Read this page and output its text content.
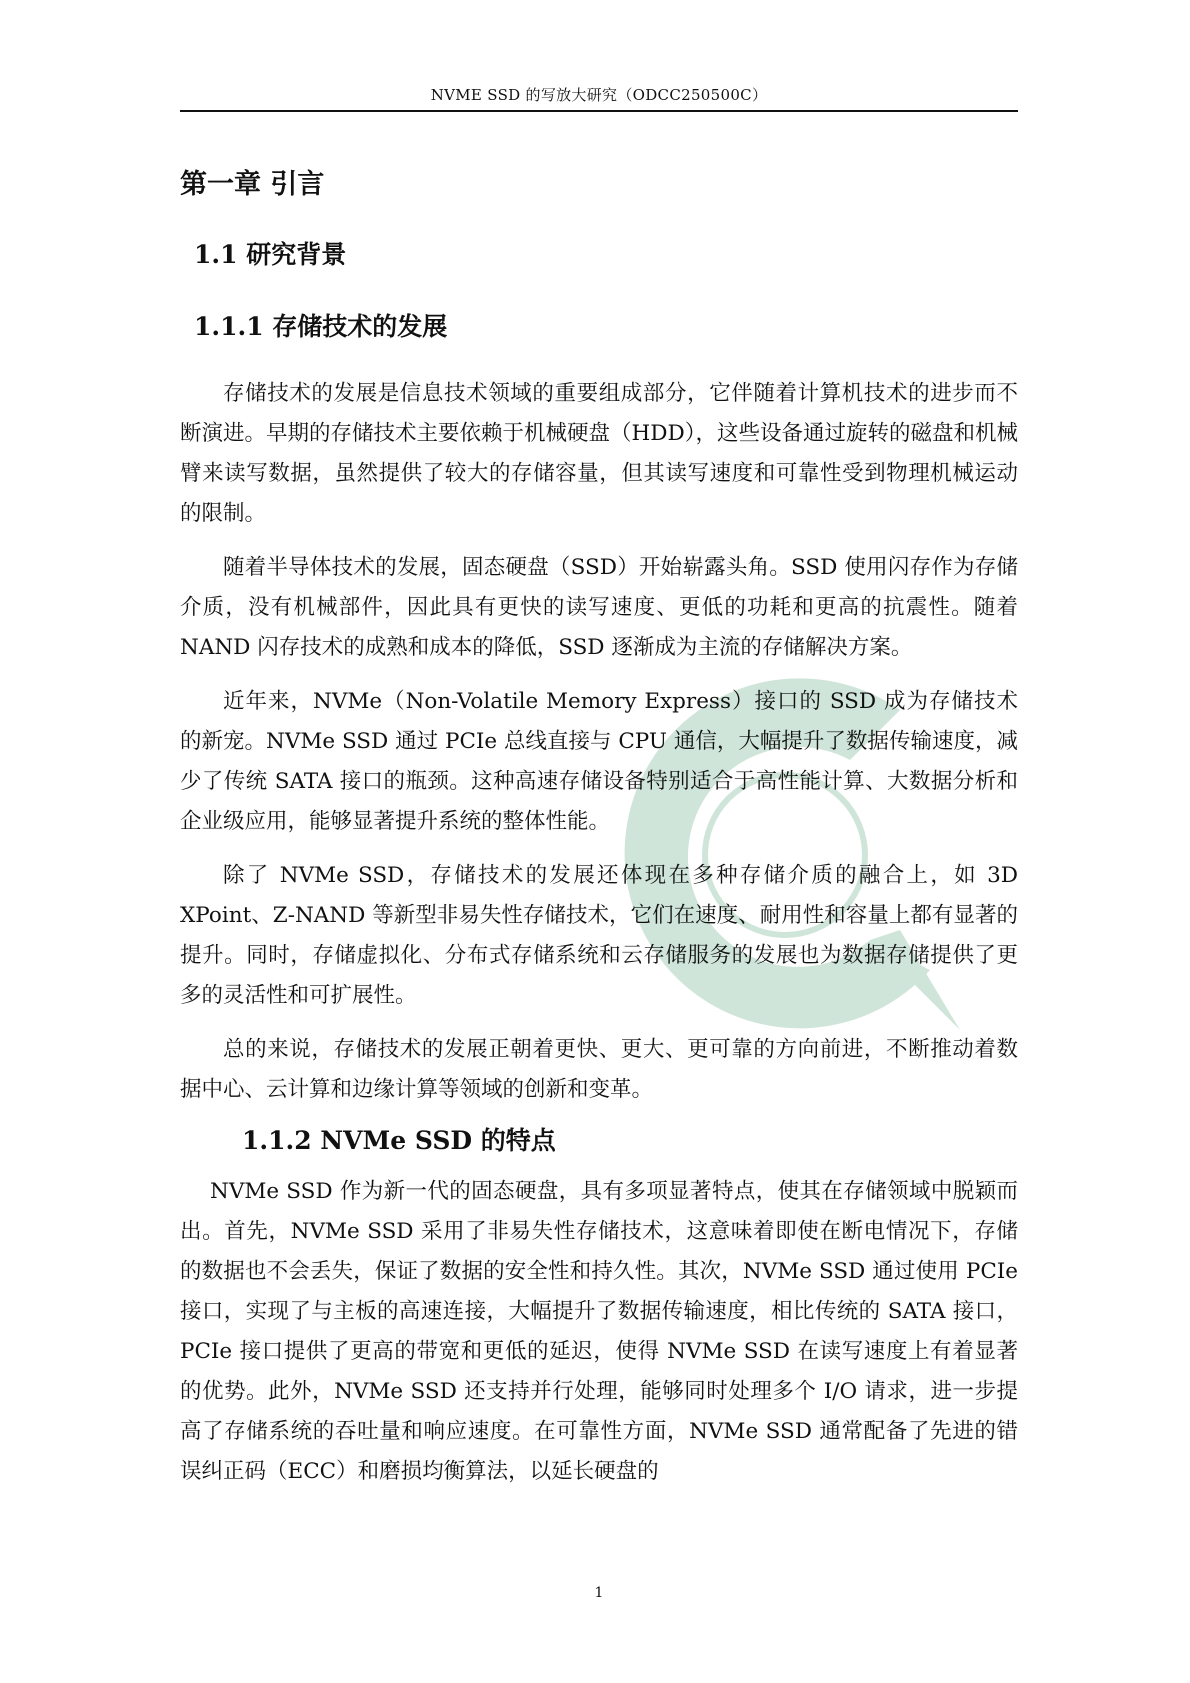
NVME SSD 的写放大研究（ODCC250500C）
第一章 引言
1.1 研究背景
1.1.1 存储技术的发展

存储技术的发展是信息技术领域的重要组成部分，它伴随着计算机技术的进步而不断演进。早期的存储技术主要依赖于机械硬盘（HDD），这些设备通过旋转的磁盘和机械臂来读写数据，虽然提供了较大的存储容量，但其读写速度和可靠性受到物理机械运动的限制。

随着半导体技术的发展，固态硬盘（SSD）开始崭露头角。SSD 使用闪存作为存储介质，没有机械部件，因此具有更快的读写速度、更低的功耗和更高的抗震性。随着 NAND 闪存技术的成熟和成本的降低，SSD 逐渐成为主流的存储解决方案。

近年来，NVMe（Non-Volatile Memory Express）接口的 SSD 成为存储技术的新宠。NVMe SSD 通过 PCIe 总线直接与 CPU 通信，大幅提升了数据传输速度，减少了传统 SATA 接口的瓶颈。这种高速存储设备特别适合于高性能计算、大数据分析和企业级应用，能够显著提升系统的整体性能。

除了 NVMe SSD，存储技术的发展还体现在多种存储介质的融合上，如 3D XPoint、Z-NAND 等新型非易失性存储技术，它们在速度、耐用性和容量上都有显著的提升。同时，存储虚拟化、分布式存储系统和云存储服务的发展也为数据存储提供了更多的灵活性和可扩展性。

总的来说，存储技术的发展正朝着更快、更大、更可靠的方向前进，不断推动着数据中心、云计算和边缘计算等领域的创新和变革。

1.1.2 NVMe SSD 的特点

NVMe SSD 作为新一代的固态硬盘，具有多项显著特点，使其在存储领域中脱颖而出。首先，NVMe SSD 采用了非易失性存储技术，这意味着即使在断电情况下，存储的数据也不会丢失，保证了数据的安全性和持久性。其次，NVMe SSD 通过使用 PCIe 接口，实现了与主板的高速连接，大幅提升了数据传输速度，相比传统的 SATA 接口，PCIe 接口提供了更高的带宽和更低的延迟，使得 NVMe SSD 在读写速度上有着显著的优势。此外，NVMe SSD 还支持并行处理，能够同时处理多个 I/O 请求，进一步提高了存储系统的吞吐量和响应速度。在可靠性方面，NVMe SSD 通常配备了先进的错误纠正码（ECC）和磨损均衡算法，以延长硬盘的

1
